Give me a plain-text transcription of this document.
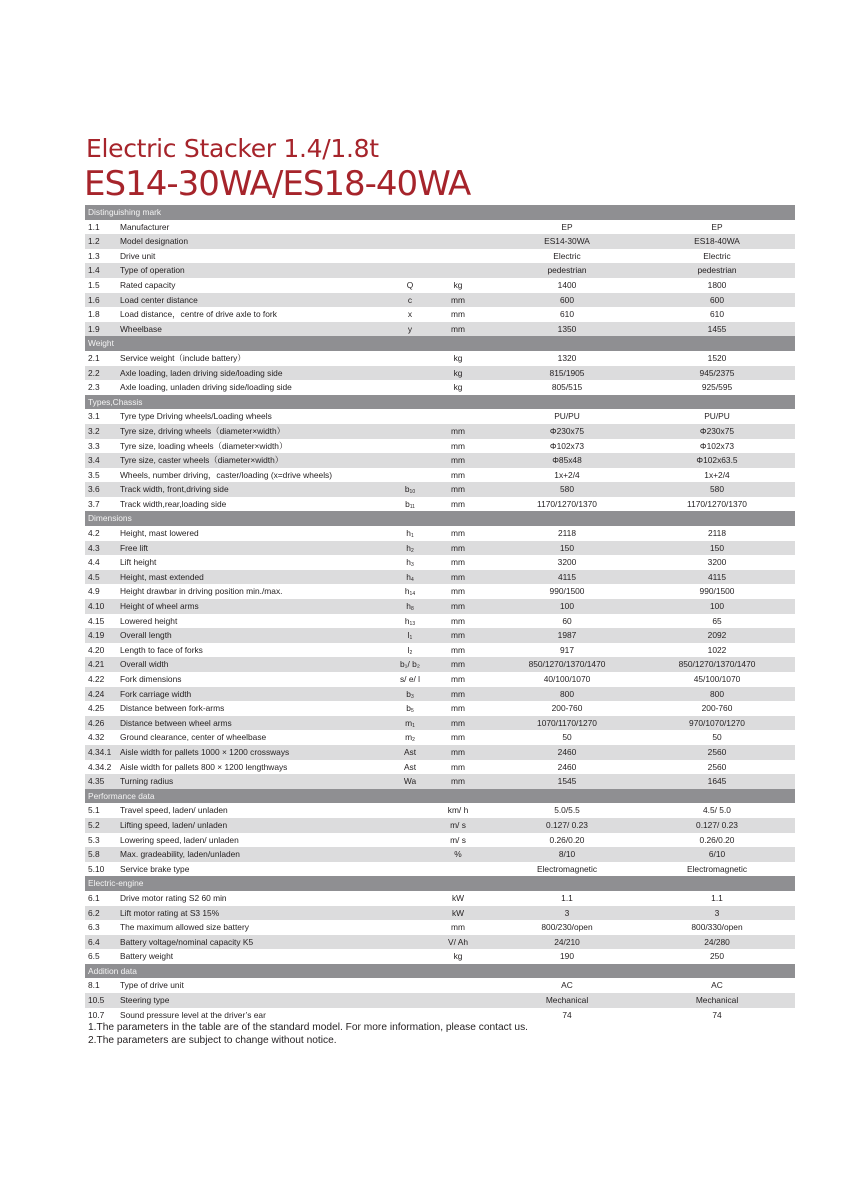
Electric Stacker 1.4/1.8t
ES14-30WA/ES18-40WA
Distinguishing mark
1.1 Manufacturer	EP	EP
1.2 Model designation	ES14-30WA	ES18-40WA
1.3 Drive unit	Electric	Electric
1.4 Type of operation	pedestrian	pedestrian
1.5 Rated capacity	Q	kg	1400	1800
1.6 Load center distance	c	mm	600	600
1.8 Load distance，centre of drive axle to fork	x	mm	610	610
1.9 Wheelbase	y	mm	1350	1455
Weight
2.1 Service weight（include battery）	kg	1320	1520
2.2 Axle loading, laden driving side/loading side	kg	815/1905	945/2375
2.3 Axle loading, unladen driving side/loading side	kg	805/515	925/595
Types,Chassis
3.1 Tyre type Driving wheels/Loading wheels	PU/PU	PU/PU
3.2 Tyre size, driving wheels（diameter×width）	mm	Φ230x75	Φ230x75
3.3 Tyre size, loading wheels（diameter×width）	mm	Φ102x73	Φ102x73
3.4 Tyre size, caster wheels（diameter×width）	mm	Φ85x48	Φ102x63.5
3.5 Wheels, number driving，caster/loading (x=drive wheels)	mm	1x+2/4	1x+2/4
3.6 Track width, front,driving side	$b_{10}$	mm	580	580
3.7 Track width,rear,loading side	$b_{11}$	mm	1170/1270/1370	1170/1270/1370
Dimensions
4.2 Height, mast lowered	$h_1$	mm	2118	2118
4.3 Free lift	$h_2$	mm	150	150
4.4 Lift height	$h_3$	mm	3200	3200
4.5 Height, mast extended	$h_4$	mm	4115	4115
4.9 Height drawbar in driving position min./max.	$h_{14}$	mm	990/1500	990/1500
4.10 Height of wheel arms	$h_8$	mm	100	100
4.15 Lowered height	$h_{13}$	mm	60	65
4.19 Overall length	$l_1$	mm	1987	2092
4.20 Length to face of forks	$l_2$	mm	917	1022
4.21 Overall width	b₁/ b₂	mm	850/1270/1370/1470	850/1270/1370/1470
4.22 Fork dimensions	s/ e/ l	mm	40/100/1070	45/100/1070
4.24 Fork carriage width	$b_3$	mm	800	800
4.25 Distance between fork-arms	$b_5$	mm	200-760	200-760
4.26 Distance between wheel arms	$m_1$	mm	1070/1170/1270	970/1070/1270
4.32 Ground clearance, center of wheelbase	$m_2$	mm	50	50
4.34.1 Aisle width for pallets 1000 × 1200 crossways	Ast	mm	2460	2560
4.34.2 Aisle width for pallets 800 × 1200 lengthways	Ast	mm	2460	2560
4.35 Turning radius	Wa	mm	1545	1645
Performance data
5.1 Travel speed, laden/ unladen	km/ h	5.0/5.5	4.5/ 5.0
5.2 Lifting speed, laden/ unladen	m/ s	0.127/ 0.23	0.127/ 0.23
5.3 Lowering speed, laden/ unladen	m/ s	0.26/0.20	0.26/0.20
5.8 Max. gradeability, laden/unladen	%	8/10	6/10
5.10 Service brake type	Electromagnetic	Electromagnetic
Electric-engine
6.1 Drive motor rating S2 60 min	kW	1.1	1.1
6.2 Lift motor rating at S3 15%	kW	3	3
6.3 The maximum allowed size battery	mm	800/230/open	800/330/open
6.4 Battery voltage/nominal capacity K5	V/ Ah	24/210	24/280
6.5 Battery weight	kg	190	250
Addition data
8.1 Type of drive unit	AC	AC
10.5 Steering type	Mechanical	Mechanical
10.7 Sound pressure level at the driver’s ear	74	74

1.The parameters in the table are of the standard model. For more information, please contact us.

2.The parameters are subject to change without notice.
